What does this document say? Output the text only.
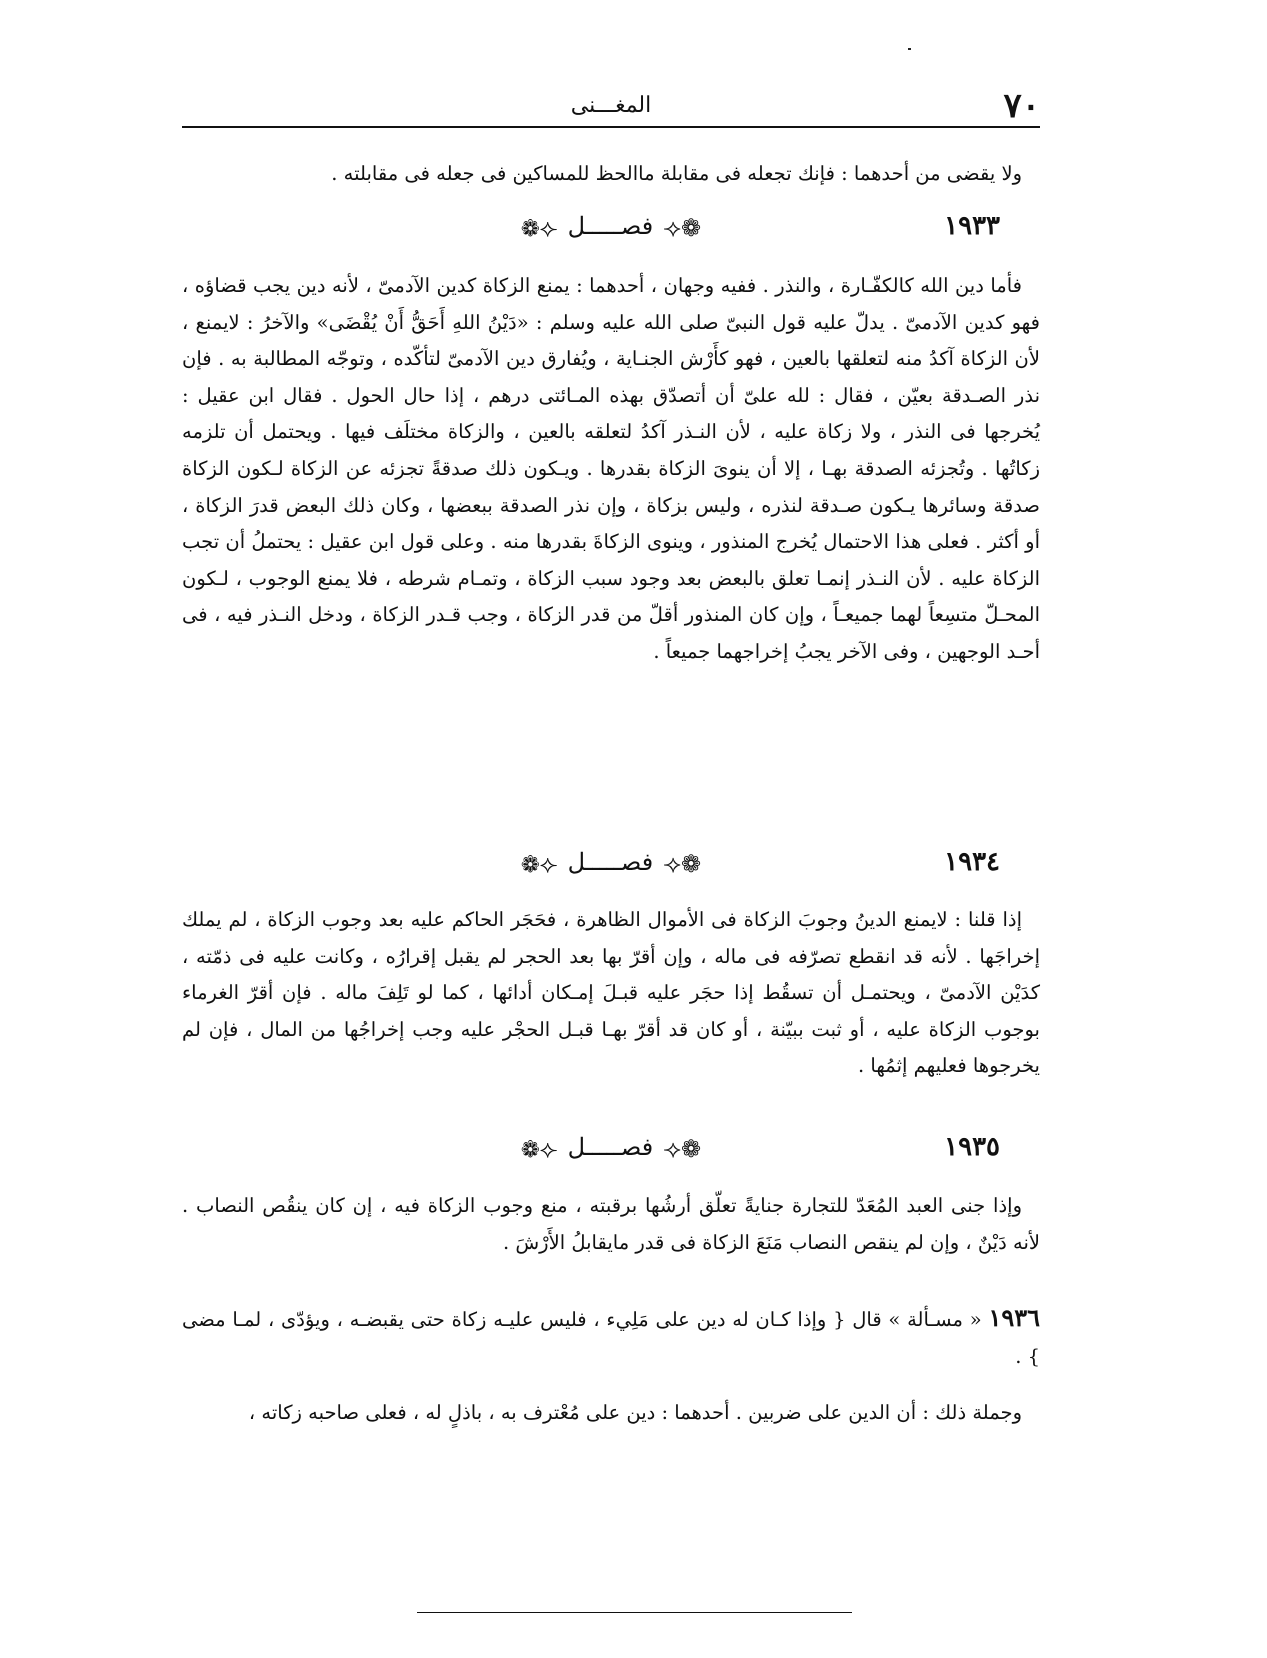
٧٠
المغـــنى

ولا يقضى من أحدهما : فإنك تجعله فى مقابلة ماالحظ للمساكين فى جعله فى مقابلته .

١٩٣٣
❁⟣فصـــــل⟢❁

فأما دين الله كالكفّـارة ، والنذر . ففيه وجهان ، أحدهما : يمنع الزكاة كدين الآدمىّ ، لأنه دين يجب قضاؤه ، فهو كدين الآدمىّ . يدلّ عليه قول النبىّ صلى الله عليه وسلم : «دَيْنُ اللهِ أَحَقُّ أَنْ يُقْضَى» والآخرُ : لايمنع ، لأن الزكاة آكدُ منه لتعلقها بالعين ، فهو كأَرْش الجنـاية ، ويُفارق دين الآدمىّ لتأكّده ، وتوجّه المطالبة به . فإن نذر الصـدقة بعيّن ، فقال : لله علىّ أن أتصدّق بهذه المـائتى درهم ، إذا حال الحول . فقال ابن عقيل : يُخرجها فى النذر ، ولا زكاة عليه ، لأن النـذر آكدُ لتعلقه بالعين ، والزكاة مختلَف فيها . ويحتمل أن تلزمه زكاتُها . وتُجزئه الصدقة بهـا ، إلا أن ينوىَ الزكاة بقدرها . ويـكون ذلك صدقةً تجزئه عن الزكاة لـكون الزكاة صدقة وسائرها يـكون صـدقة لنذره ، وليس بزكاة ، وإن نذر الصدقة ببعضها ، وكان ذلك البعض قدرَ الزكاة ، أو أكثر . فعلى هذا الاحتمال يُخرج المنذور ، وينوى الزكاةَ بقدرها منه . وعلى قول ابن عقيل : يحتملُ أن تجب الزكاة عليه . لأن النـذر إنمـا تعلق بالبعض بعد وجود سبب الزكاة ، وتمـام شرطه ، فلا يمنع الوجوب ، لـكون المحـلّ متسِعاً لهما جميعـاً ، وإن كان المنذور أقلّ من قدر الزكاة ، وجب قـدر الزكاة ، ودخل النـذر فيه ، فى أحـد الوجهين ، وفى الآخر يجبُ إخراجهما جميعاً .

١٩٣٤
❁⟣فصـــــل⟢❁

إذا قلنا : لايمنع الدينُ وجوبَ الزكاة فى الأموال الظاهرة ، فحَجَر الحاكم عليه بعد وجوب الزكاة ، لم يملك إخراجَها . لأنه قد انقطع تصرّفه فى ماله ، وإن أقرّ بها بعد الحجر لم يقبل إقرارُه ، وكانت عليه فى ذمّته ، كدَيْن الآدمىّ ، ويحتمـل أن تسقُط إذا حجَر عليه قبـلَ إمـكان أدائها ، كما لو تَلِفَ ماله . فإن أقرّ الغرماء بوجوب الزكاة عليه ، أو ثبت ببيّنة ، أو كان قد أقرّ بهـا قبـل الحجْر عليه وجب إخراجُها من المال ، فإن لم يخرجوها فعليهم إثمُها .

١٩٣٥
❁⟣فصـــــل⟢❁

وإذا جنى العبد المُعَدّ للتجارة جنايةً تعلّق أرشُها برقبته ، منع وجوب الزكاة فيه ، إن كان ينقُص النصاب . لأنه دَيْنٌ ، وإن لم ينقص النصاب مَنَعَ الزكاة فى قدر مايقابلُ الأَرْشَ .

١٩٣٦ « مسـألة » قال { وإذا كـان له دين على مَلِيء ، فليس عليـه زكاة حتى يقبضـه ، ويؤدّى ، لمـا مضى } .

وجملة ذلك : أن الدين على ضربين . أحدهما : دين على مُعْترف به ، باذلٍ له ، فعلى صاحبه زكاته ،
